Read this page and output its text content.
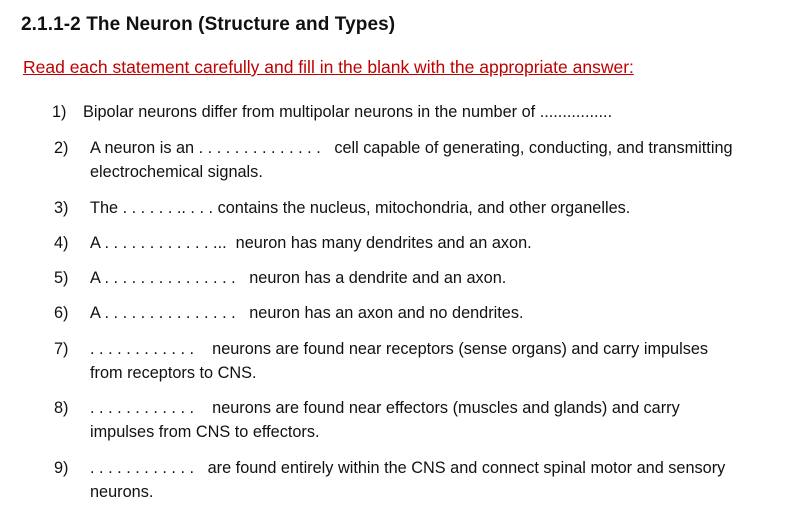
2.1.1-2 The Neuron (Structure and Types)
Read each statement carefully and fill in the blank with the appropriate answer:
1) Bipolar neurons differ from multipolar neurons in the number of ................
2) A neuron is an . . . . . . . . . . . . . .   cell capable of generating, conducting, and transmitting
electrochemical signals.
3) The . . . . . . .. . . . contains the nucleus, mitochondria, and other organelles.
4) A . . . . . . . . . . . . ...  neuron has many dendrites and an axon.
5) A . . . . . . . . . . . . . . .   neuron has a dendrite and an axon.
6) A . . . . . . . . . . . . . . .   neuron has an axon and no dendrites.
7) . . . . . . . . . . . .    neurons are found near receptors (sense organs) and carry impulses
from receptors to CNS.
8) . . . . . . . . . . . .    neurons are found near effectors (muscles and glands) and carry
impulses from CNS to effectors.
9) . . . . . . . . . . . .   are found entirely within the CNS and connect spinal motor and sensory
neurons.
